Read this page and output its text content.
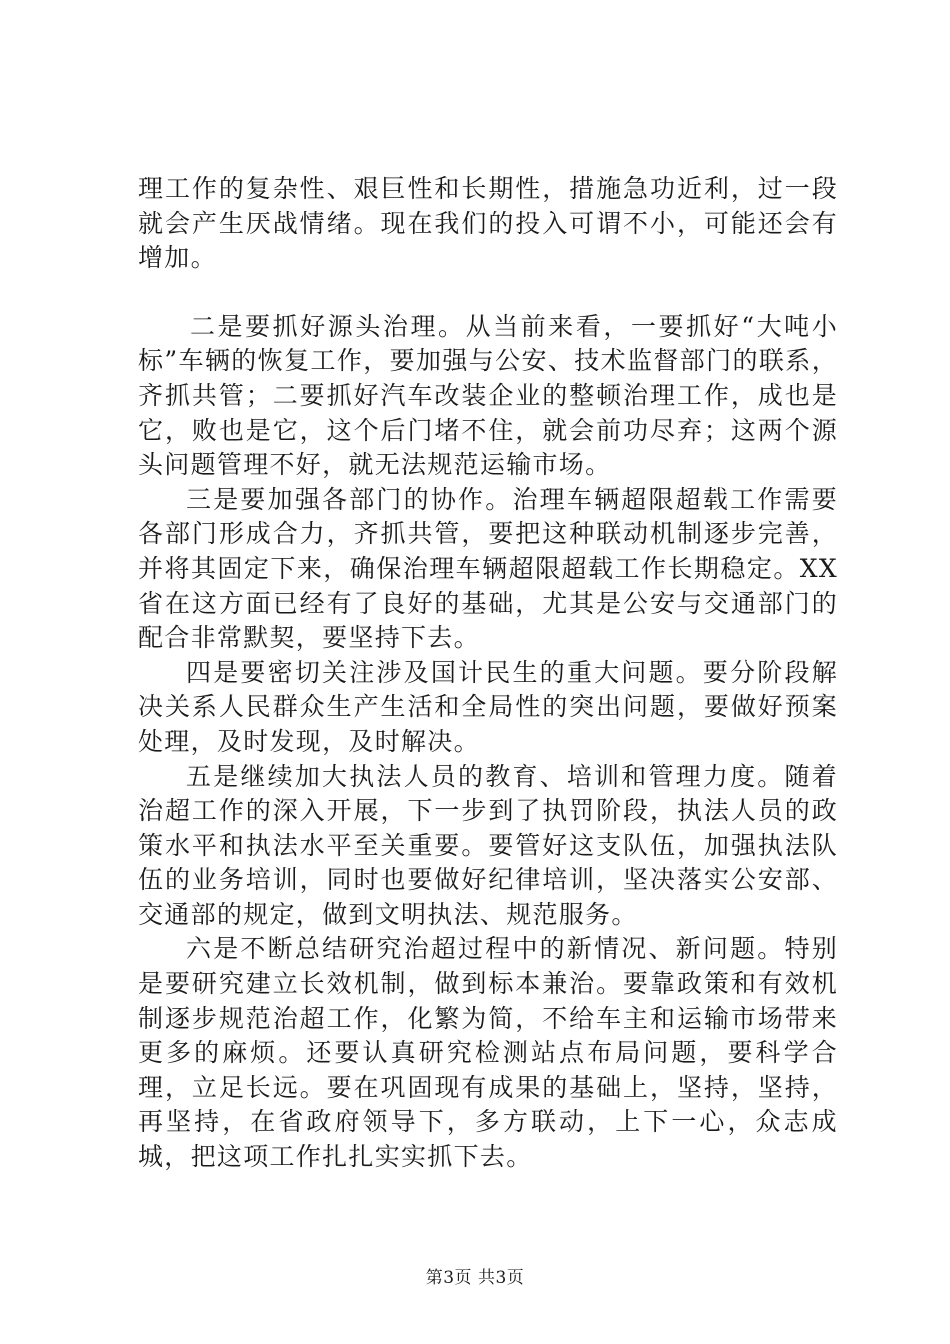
理工作的复杂性、艰巨性和长期性，措施急功近利，过一段就会产生厌战情绪。现在我们的投入可谓不小，可能还会有增加。

二是要抓好源头治理。从当前来看，一要抓好“大吨小标”车辆的恢复工作，要加强与公安、技术监督部门的联系，齐抓共管；二要抓好汽车改装企业的整顿治理工作，成也是它，败也是它，这个后门堵不住，就会前功尽弃；这两个源头问题管理不好，就无法规范运输市场。

三是要加强各部门的协作。治理车辆超限超载工作需要各部门形成合力，齐抓共管，要把这种联动机制逐步完善，并将其固定下来，确保治理车辆超限超载工作长期稳定。XX省在这方面已经有了良好的基础，尤其是公安与交通部门的配合非常默契，要坚持下去。

四是要密切关注涉及国计民生的重大问题。要分阶段解决关系人民群众生产生活和全局性的突出问题，要做好预案处理，及时发现，及时解决。

五是继续加大执法人员的教育、培训和管理力度。随着治超工作的深入开展，下一步到了执罚阶段，执法人员的政策水平和执法水平至关重要。要管好这支队伍，加强执法队伍的业务培训，同时也要做好纪律培训，坚决落实公安部、交通部的规定，做到文明执法、规范服务。

六是不断总结研究治超过程中的新情况、新问题。特别是要研究建立长效机制，做到标本兼治。要靠政策和有效机制逐步规范治超工作，化繁为简，不给车主和运输市场带来更多的麻烦。还要认真研究检测站点布局问题，要科学合理，立足长远。要在巩固现有成果的基础上，坚持，坚持，再坚持，在省政府领导下，多方联动，上下一心，众志成城，把这项工作扎扎实实抓下去。

第3页 共3页
